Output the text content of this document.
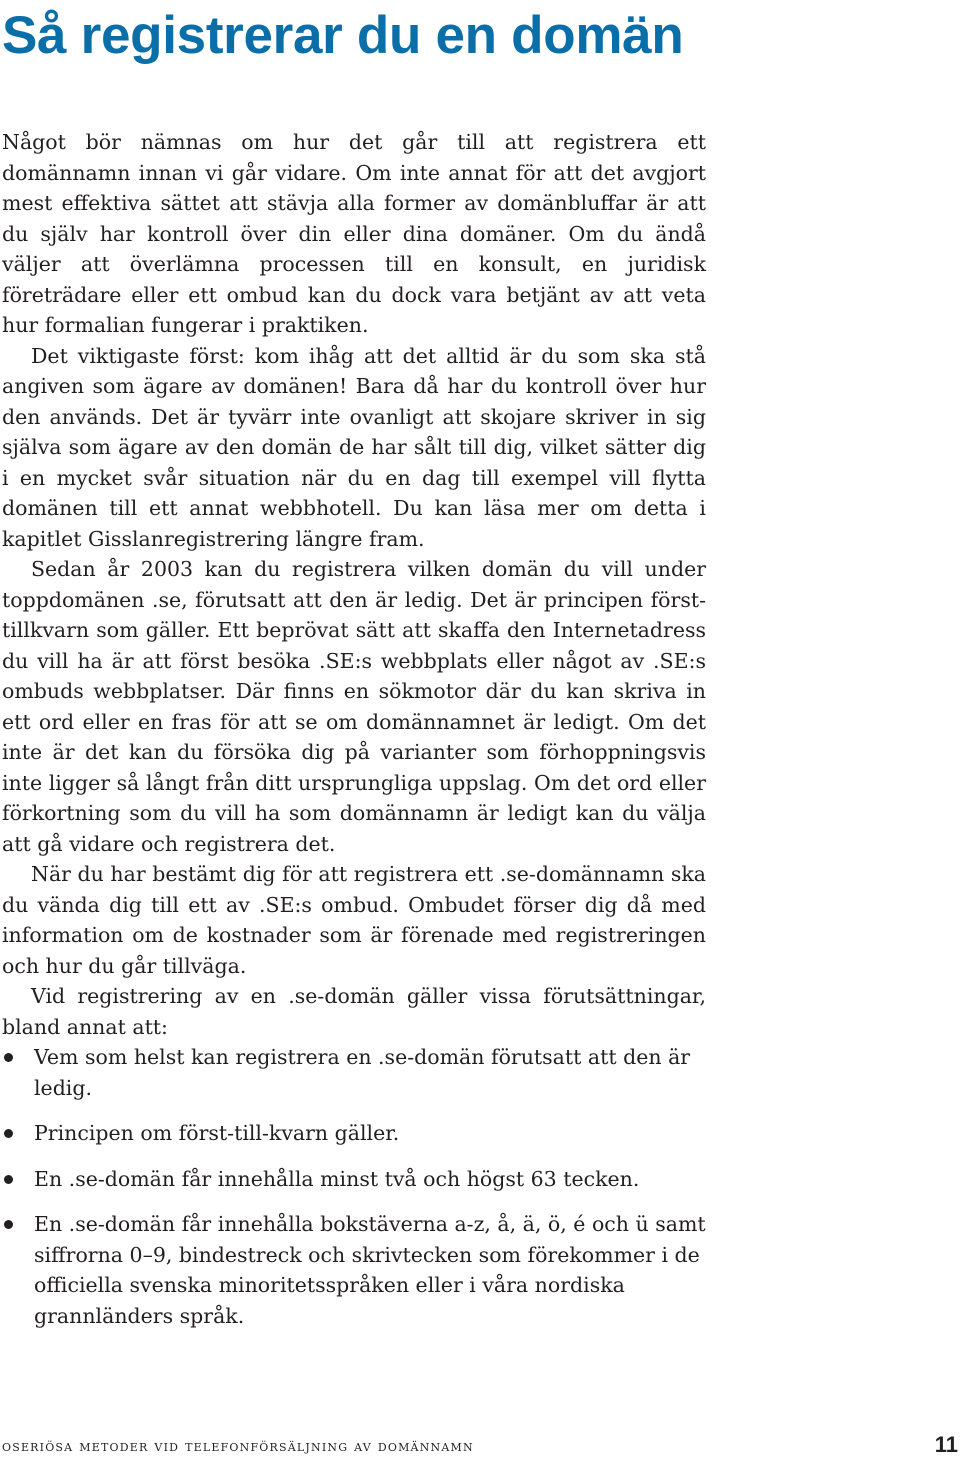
Så registrerar du en domän

Något bör nämnas om hur det går till att registrera ett domännamn innan vi går vidare. Om inte annat för att det avgjort mest effektiva sättet att stävja alla former av domänbluffar är att du själv har kontroll över din eller dina domäner. Om du ändå väljer att överlämna processen till en konsult, en juridisk företrädare eller ett ombud kan du dock vara betjänt av att veta hur formalian fungerar i praktiken.

Det viktigaste först: kom ihåg att det alltid är du som ska stå angiven som ägare av domänen! Bara då har du kontroll över hur den används. Det är tyvärr inte ovanligt att skojare skriver in sig själva som ägare av den domän de har sålt till dig, vilket sätter dig i en mycket svår situation när du en dag till exempel vill flytta domänen till ett annat webbhotell. Du kan läsa mer om detta i kapitlet Gisslanregistrering längre fram.

Sedan år 2003 kan du registrera vilken domän du vill under toppdomänen .se, förutsatt att den är ledig. Det är principen först-tillkvarn som gäller. Ett beprövat sätt att skaffa den Internetadress du vill ha är att först besöka .SE:s webbplats eller något av .SE:s ombuds webbplatser. Där finns en sökmotor där du kan skriva in ett ord eller en fras för att se om domännamnet är ledigt. Om det inte är det kan du försöka dig på varianter som förhoppningsvis inte ligger så långt från ditt ursprungliga uppslag. Om det ord eller förkortning som du vill ha som domännamn är ledigt kan du välja att gå vidare och registrera det.

När du har bestämt dig för att registrera ett .se-domännamn ska du vända dig till ett av .SE:s ombud. Ombudet förser dig då med information om de kostnader som är förenade med registreringen och hur du går tillväga.

Vid registrering av en .se-domän gäller vissa förutsättningar, bland annat att:

Vem som helst kan registrera en .se-domän förutsatt att den är ledig.
Principen om först-till-kvarn gäller.
En .se-domän får innehålla minst två och högst 63 tecken.
En .se-domän får innehålla bokstäverna a-z, å, ä, ö, é och ü samt siffrorna 0–9, bindestreck och skrivtecken som förekommer i de officiella svenska minoritetsspråken eller i våra nordiska grannländers språk.
oseriösa metoder vid telefonförsäljning av domännamn	11
